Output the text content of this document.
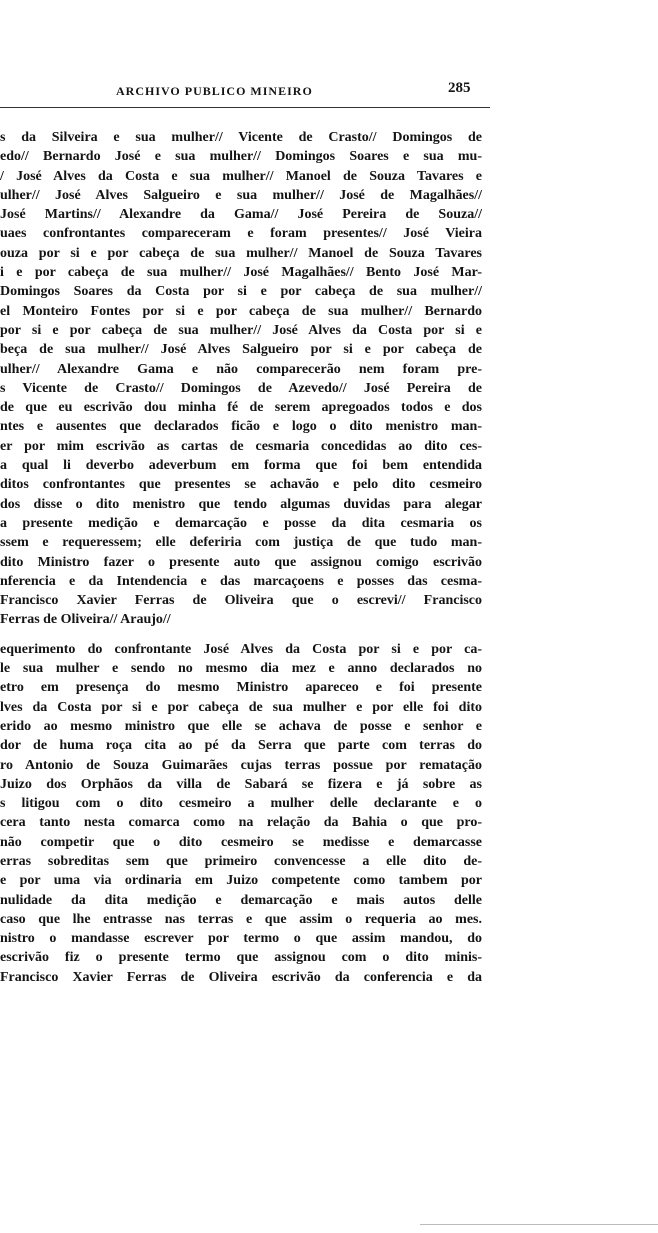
ARCHIVO PUBLICO MINEIRO	285
s da Silveira e sua mulher// Vicente de Crasto// Domingos de
edo// Bernardo José e sua mulher// Domingos Soares e sua mu-
/ José Alves da Costa e sua mulher// Manoel de Souza Tavares e
ulher// José Alves Salgueiro e sua mulher// José de Magalhães//
José Martins// Alexandre da Gama// José Pereira de Souza//
uaes confrontantes compareceram e foram presentes// José Vieira
ouza por si e por cabeça de sua mulher// Manoel de Souza Tavares
i e por cabeça de sua mulher// José Magalhães// Bento José Mar-
Domingos Soares da Costa por si e por cabeça de sua mulher//
el Monteiro Fontes por si e por cabeça de sua mulher// Bernardo
por si e por cabeça de sua mulher// José Alves da Costa por si e
beça de sua mulher// José Alves Salgueiro por si e por cabeça de
ulher// Alexandre Gama e não comparecerão nem foram pre-
s Vicente de Crasto// Domingos de Azevedo// José Pereira de
de que eu escrivão dou minha fé de serem apregoados todos e dos
ntes e ausentes que declarados ficão e logo o dito menistro man-
er por mim escrivão as cartas de cesmaria concedidas ao dito ces-
a qual li deverbo adeverbum em forma que foi bem entendida
ditos confrontantes que presentes se achavão e pelo dito cesmeiro
dos disse o dito menistro que tendo algumas duvidas para alegar
a presente medição e demarcação e posse da dita cesmaria os
ssem e requeressem; elle deferiria com justiça de que tudo man-
dito Ministro fazer o presente auto que assignou comigo escrivão
nferencia e da Intendencia e das marcaçoens e posses das cesma-
Francisco Xavier Ferras de Oliveira que o escrevi// Francisco
Ferras de Oliveira// Araujo//
equerimento do confrontante José Alves da Costa por si e por ca-
le sua mulher e sendo no mesmo dia mez e anno declarados no
etro em presença do mesmo Ministro apareceo e foi presente
lves da Costa por si e por cabeça de sua mulher e por elle foi dito
erido ao mesmo ministro que elle se achava de posse e senhor e
dor de huma roça cita ao pé da Serra que parte com terras do
ro Antonio de Souza Guimarães cujas terras possue por rematação
Juizo dos Orphãos da villa de Sabará se fizera e já sobre as
s litigou com o dito cesmeiro a mulher delle declarante e o
cera tanto nesta comarca como na relação da Bahia o que pro-
não competir que o dito cesmeiro se medisse e demarcasse
erras sobreditas sem que primeiro convencesse a elle dito de-
e por uma via ordinaria em Juizo competente como tambem por
nulidade da dita medição e demarcação e mais autos delle
caso que lhe entrasse nas terras e que assim o requeria ao mes.
nistro o mandasse escrever por termo o que assim mandou, do
escrivão fiz o presente termo que assignou com o dito minis-
Francisco Xavier Ferras de Oliveira escrivão da conferencia e da
